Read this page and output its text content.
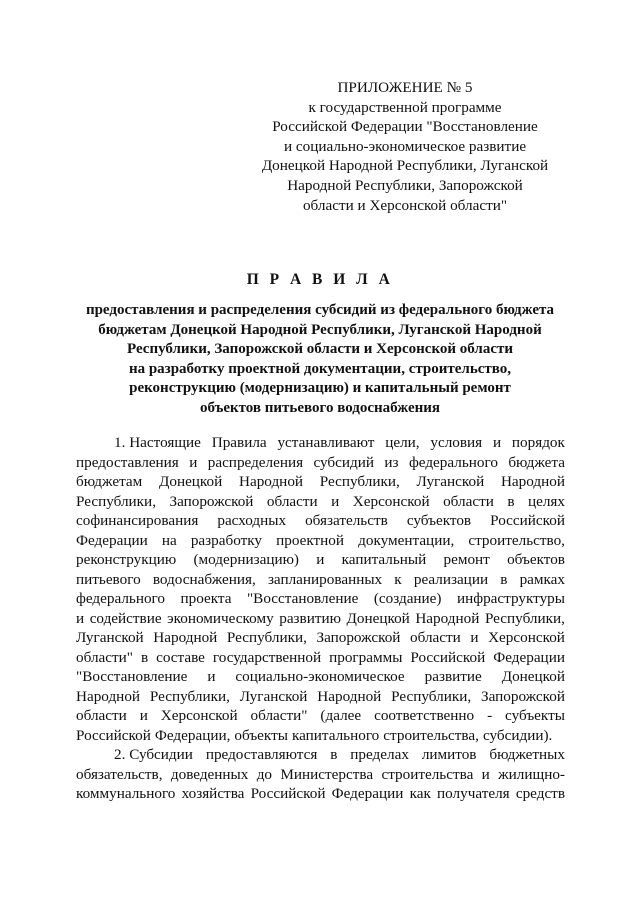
ПРИЛОЖЕНИЕ № 5
к государственной программе
Российской Федерации "Восстановление
и социально-экономическое развитие
Донецкой Народной Республики, Луганской
Народной Республики, Запорожской
области и Херсонской области"
П Р А В И Л А
предоставления и распределения субсидий из федерального бюджета
бюджетам Донецкой Народной Республики, Луганской Народной
Республики, Запорожской области и Херсонской области
на разработку проектной документации, строительство,
реконструкцию (модернизацию) и капитальный ремонт
объектов питьевого водоснабжения
1. Настоящие Правила устанавливают цели, условия и порядок
предоставления и распределения субсидий из федерального бюджета
бюджетам Донецкой Народной Республики, Луганской Народной
Республики, Запорожской области и Херсонской области в целях
софинансирования расходных обязательств субъектов Российской
Федерации на разработку проектной документации, строительство,
реконструкцию (модернизацию) и капитальный ремонт объектов
питьевого водоснабжения, запланированных к реализации в рамках
федерального проекта "Восстановление (создание) инфраструктуры
и содействие экономическому развитию Донецкой Народной Республики,
Луганской Народной Республики, Запорожской области и Херсонской
области" в составе государственной программы Российской Федерации
"Восстановление и социально-экономическое развитие Донецкой
Народной Республики, Луганской Народной Республики, Запорожской
области и Херсонской области" (далее соответственно - субъекты
Российской Федерации, объекты капитального строительства, субсидии).
2. Субсидии предоставляются в пределах лимитов бюджетных
обязательств, доведенных до Министерства строительства и жилищно-
коммунального хозяйства Российской Федерации как получателя средств
